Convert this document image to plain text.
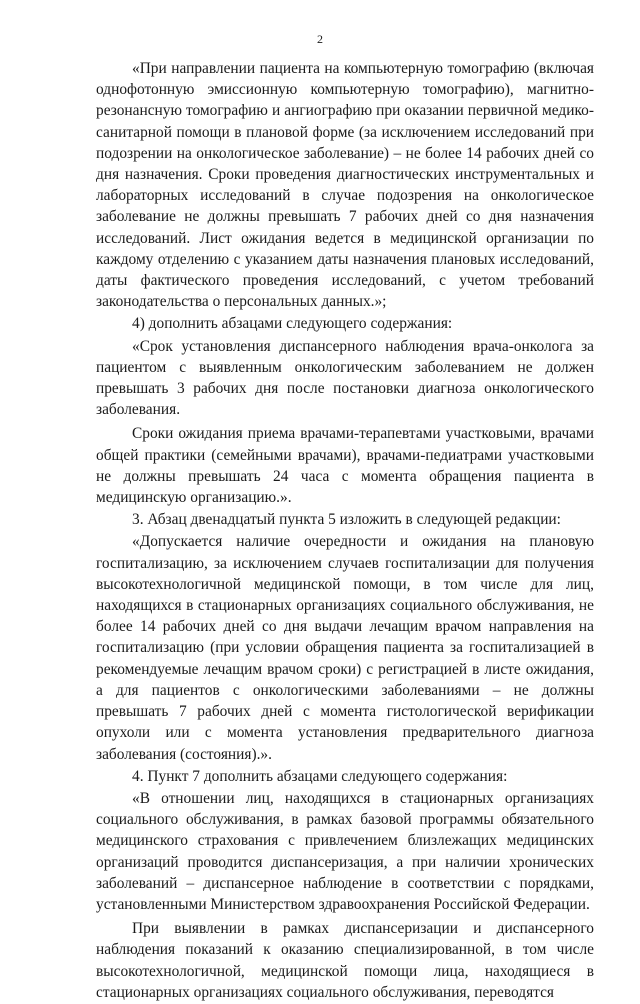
2

«При направлении пациента на компьютерную томографию (включая однофотонную эмиссионную компьютерную томографию), магнитно-резонансную томографию и ангиографию при оказании первичной медико-санитарной помощи в плановой форме (за исключением исследований при подозрении на онкологическое заболевание) – не более 14 рабочих дней со дня назначения. Сроки проведения диагностических инструментальных и лабораторных исследований в случае подозрения на онкологическое заболевание не должны превышать 7 рабочих дней со дня назначения исследований. Лист ожидания ведется в медицинской организации по каждому отделению с указанием даты назначения плановых исследований, даты фактического проведения исследований, с учетом требований законодательства о персональных данных.»;

4) дополнить абзацами следующего содержания:

«Срок установления диспансерного наблюдения врача-онколога за пациентом с выявленным онкологическим заболеванием не должен превышать 3 рабочих дня после постановки диагноза онкологического заболевания.

Сроки ожидания приема врачами-терапевтами участковыми, врачами общей практики (семейными врачами), врачами-педиатрами участковыми не должны превышать 24 часа с момента обращения пациента в медицинскую организацию.».

3. Абзац двенадцатый пункта 5 изложить в следующей редакции:

«Допускается наличие очередности и ожидания на плановую госпитализацию, за исключением случаев госпитализации для получения высокотехнологичной медицинской помощи, в том числе для лиц, находящихся в стационарных организациях социального обслуживания, не более 14 рабочих дней со дня выдачи лечащим врачом направления на госпитализацию (при условии обращения пациента за госпитализацией в рекомендуемые лечащим врачом сроки) с регистрацией в листе ожидания, а для пациентов с онкологическими заболеваниями – не должны превышать 7 рабочих дней с момента гистологической верификации опухоли или с момента установления предварительного диагноза заболевания (состояния).».

4. Пункт 7 дополнить абзацами следующего содержания:

«В отношении лиц, находящихся в стационарных организациях социального обслуживания, в рамках базовой программы обязательного медицинского страхования с привлечением близлежащих медицинских организаций проводится диспансеризация, а при наличии хронических заболеваний – диспансерное наблюдение в соответствии с порядками, установленными Министерством здравоохранения Российской Федерации.

При выявлении в рамках диспансеризации и диспансерного наблюдения показаний к оказанию специализированной, в том числе высокотехнологичной, медицинской помощи лица, находящиеся в стационарных организациях социального обслуживания, переводятся
